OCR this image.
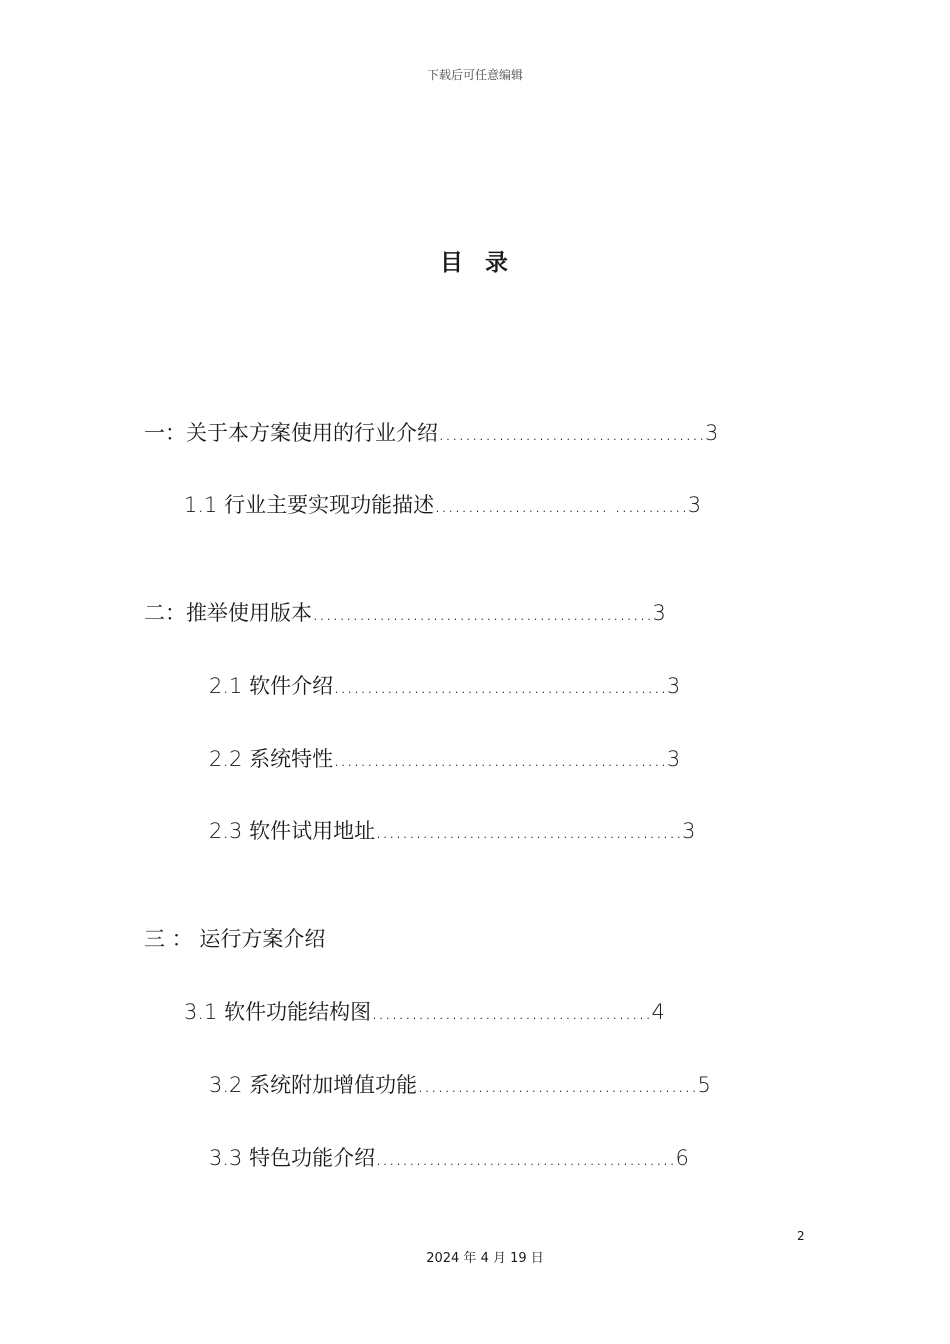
下载后可任意编辑
目 录
一：关于本方案使用的行业介绍........................................3
1.1 行业主要实现功能描述.......................... ...........3
二：推举使用版本...................................................3
2.1 软件介绍..................................................3
2.2 系统特性..................................................3
2.3 软件试用地址..............................................3
三 ： 运行方案介绍
3.1 软件功能结构图..........................................4
3.2 系统附加增值功能..........................................5
3.3 特色功能介绍.............................................6
2
2024 年 4 月 19 日
